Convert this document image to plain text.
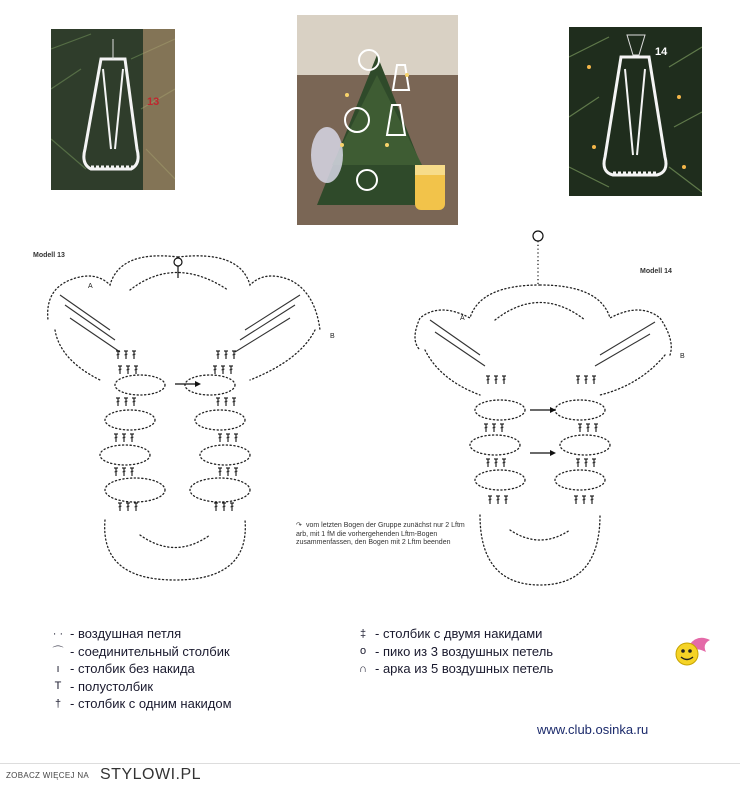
13
14
A
B
A
B
Modell 13
Modell 14
↷ vom letzten Bogen der Gruppe zunächst nur 2 Lftm arb, mit 1 fM die vorhergehenden Lftm-Bogen zusammenfassen, den Bogen mit 2 Lftm beenden
· · - воздушная петля
⌒ - соединительный столбик
ı - столбик без накида
T - полустолбик
† - столбик с одним накидом
‡ - столбик с двумя накидами
ο - пико из 3 воздушных петель
∩ - арка из 5 воздушных петель
www.club.osinka.ru
ZOBACZ WIĘCEJ NA STYLOWI.PL
